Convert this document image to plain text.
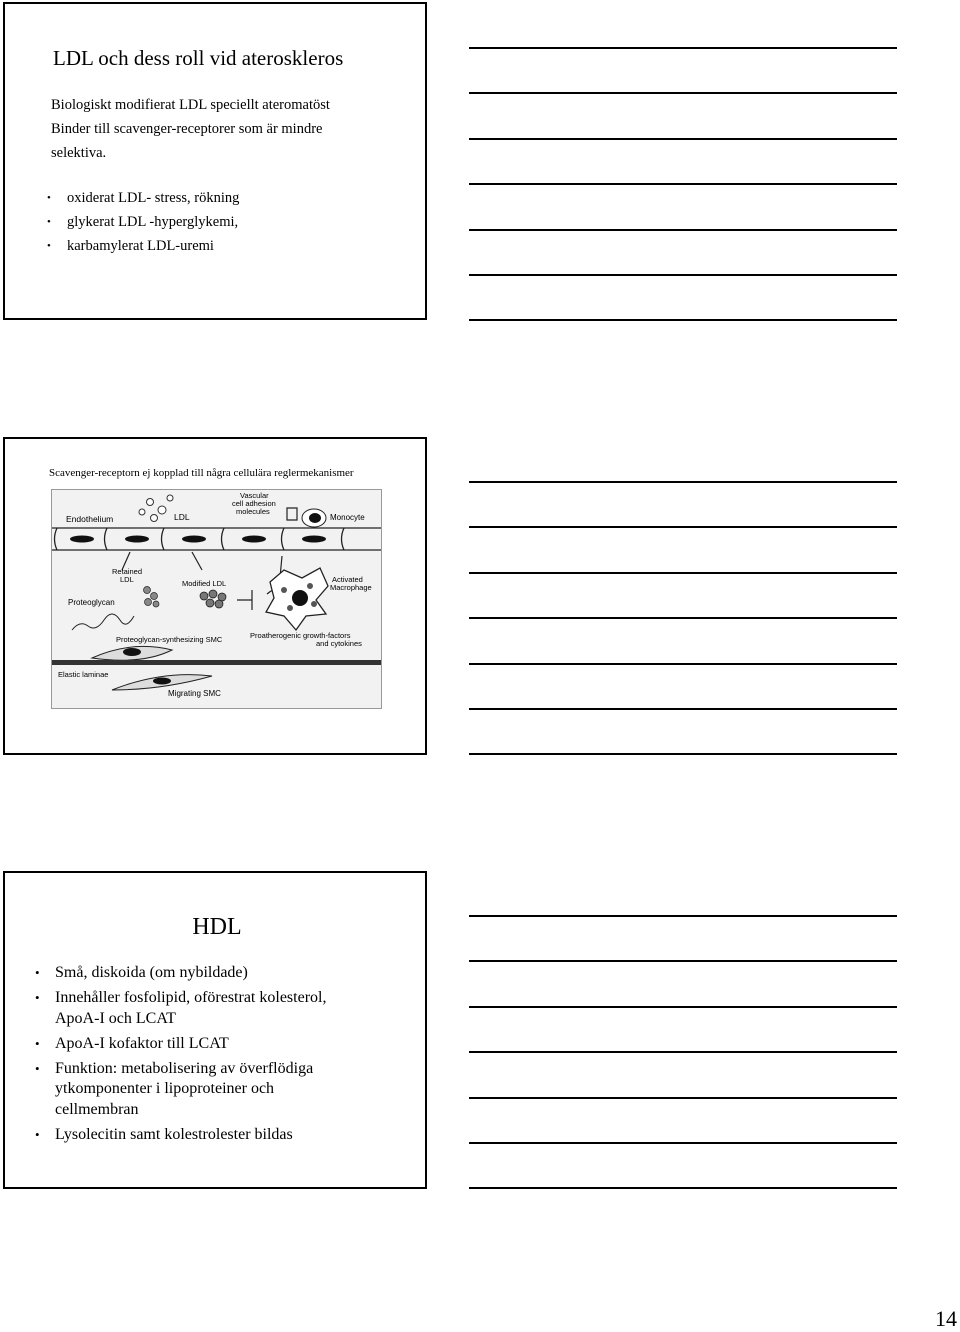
LDL och dess roll vid ateroskleros
Biologiskt modifierat LDL speciellt ateromatöst
Binder till scavenger-receptorer som är mindre
selektiva.
• oxiderat LDL- stress, rökning
• glykerat LDL -hyperglykemi,
• karbamylerat LDL-uremi
Scavenger-receptorn ej kopplad till några cellulära reglermekanismer
Endothelium	LDL
Vascular
cell adhesion
molecules
Monocyte
Retained
LDL
Proteoglycan
Modified LDL	Activated
Macrophage
Proteoglycan-synthesizing SMC	Proatherogenic growth-factors
and cytokines
Elastic laminae
Migrating SMC
HDL
• Små, diskoida (om nybildade)
• Innehåller fosfolipid, oförestrat kolesterol,
ApoA-I och LCAT
• ApoA-I kofaktor till LCAT
• Funktion: metabolisering av överflödiga
ytkomponenter i lipoproteiner och
cellmembran
• Lysolecitin samt kolestrolester bildas
14
